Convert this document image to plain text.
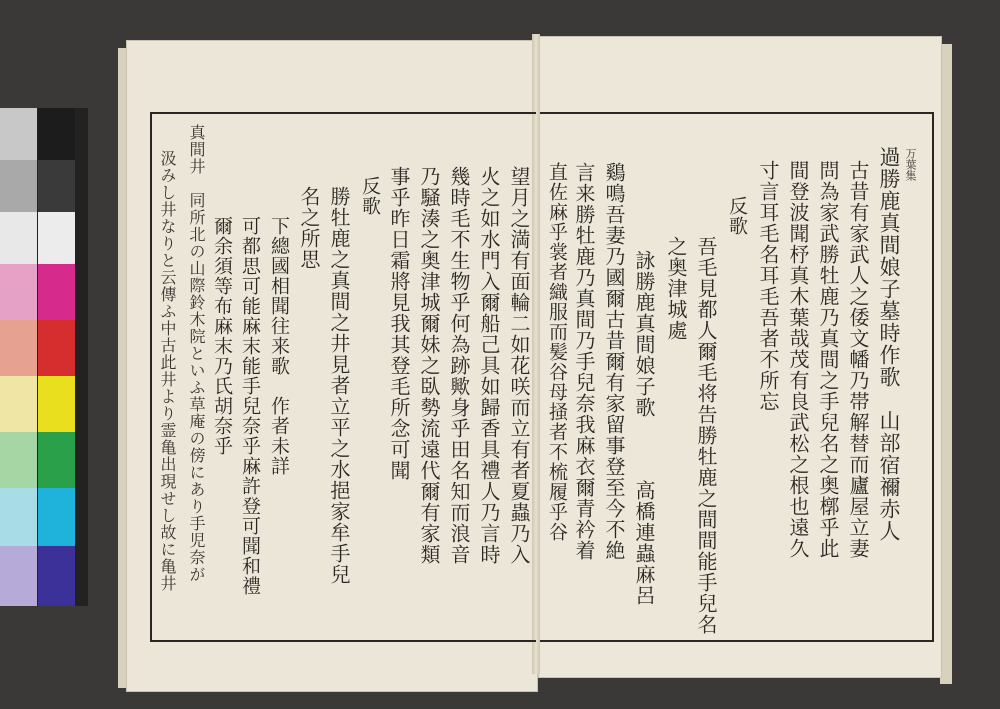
万葉集
過勝鹿真間娘子墓時作歌　山部宿禰赤人
古昔有家武人之倭文幡乃帯解替而廬屋立妻
問為家武勝牡鹿乃真間之手兒名之奥槨乎此
間登波聞杼真木葉哉茂有良武松之根也遠久
寸言耳毛名耳毛吾者不所忘
反歌
吾毛見都人爾毛将告勝牡鹿之間間能手兒名
之奥津城處
詠勝鹿真間娘子歌
高橋連蟲麻呂
鷄鳴吾妻乃國爾古昔爾有家留事登至今不絶
言来勝牡鹿乃真間乃手兒奈我麻衣爾青衿着
直佐麻乎裳者織服而髪谷母掻者不梳履乎谷
望月之満有面輪二如花咲而立有者夏蟲乃入
火之如水門入爾船己具如歸香具禮人乃言時
幾時毛不生物乎何為跡歟身乎田名知而浪音
乃騒湊之奥津城爾妹之臥勢流遠代爾有家類
事乎昨日霜將見我其登毛所念可聞
反歌
勝牡鹿之真間之井見者立平之水挹家牟手兒
名之所思
下總國相聞往来歌　作者未詳
可都思可能麻末能手兒奈乎麻許登可聞和禮
爾余須等布麻末乃氏胡奈乎
真間井　同所北の山際鈴木院といふ草庵の傍にあり手児奈が
汲みし井なりと云傳ふ中古此井より霊亀出現せし故に亀井
